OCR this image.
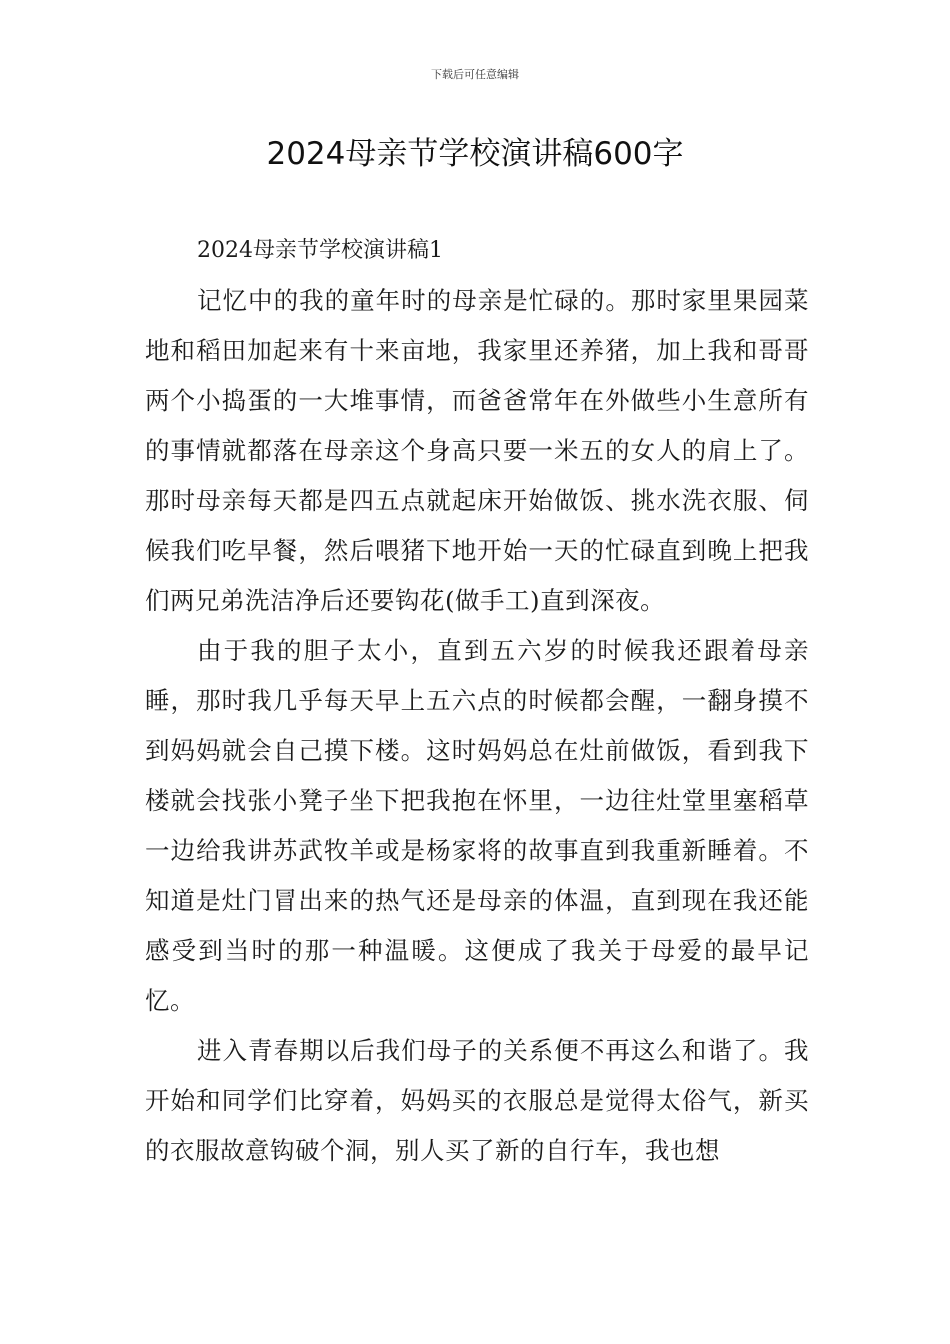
下载后可任意编辑
2024母亲节学校演讲稿600字

2024母亲节学校演讲稿1

记忆中的我的童年时的母亲是忙碌的。那时家里果园菜地和稻田加起来有十来亩地，我家里还养猪，加上我和哥哥两个小捣蛋的一大堆事情，而爸爸常年在外做些小生意所有的事情就都落在母亲这个身高只要一米五的女人的肩上了。那时母亲每天都是四五点就起床开始做饭、挑水洗衣服、伺候我们吃早餐，然后喂猪下地开始一天的忙碌直到晚上把我们两兄弟洗洁净后还要钩花(做手工)直到深夜。

由于我的胆子太小，直到五六岁的时候我还跟着母亲睡，那时我几乎每天早上五六点的时候都会醒，一翻身摸不到妈妈就会自己摸下楼。这时妈妈总在灶前做饭，看到我下楼就会找张小凳子坐下把我抱在怀里，一边往灶堂里塞稻草一边给我讲苏武牧羊或是杨家将的故事直到我重新睡着。不知道是灶门冒出来的热气还是母亲的体温，直到现在我还能感受到当时的那一种温暖。这便成了我关于母爱的最早记忆。

进入青春期以后我们母子的关系便不再这么和谐了。我开始和同学们比穿着，妈妈买的衣服总是觉得太俗气，新买的衣服故意钩破个洞，别人买了新的自行车，我也想
